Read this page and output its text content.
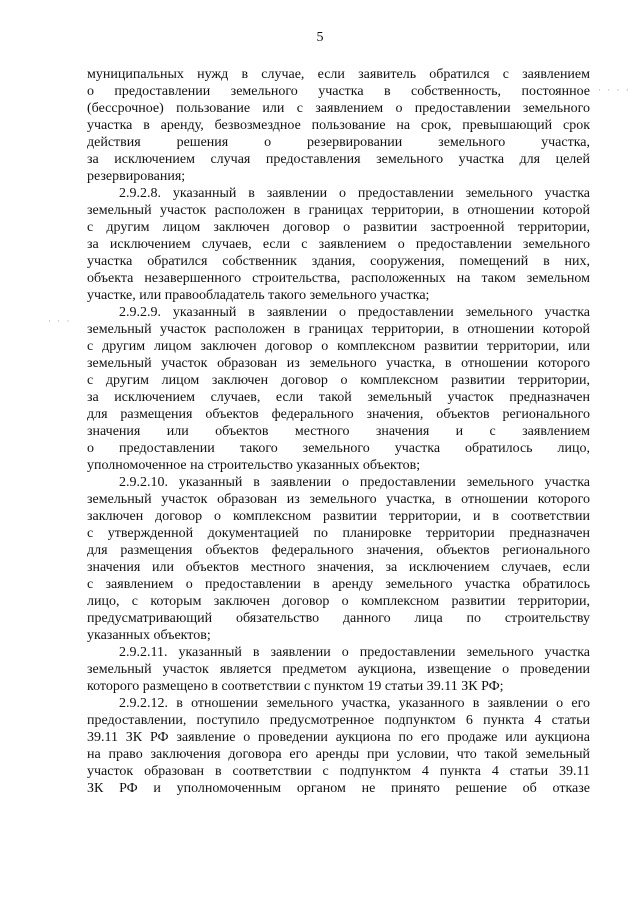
5
· · · ·
· · ·
муниципальных нужд в случае, если заявитель обратился с заявлением
о предоставлении земельного участка в собственность, постоянное
(бессрочное) пользование или с заявлением о предоставлении земельного
участка в аренду, безвозмездное пользование на срок, превышающий срок
действия решения о резервировании земельного участка,
за исключением случая предоставления земельного участка для целей
резервирования;
2.9.2.8. указанный в заявлении о предоставлении земельного участка
земельный участок расположен в границах территории, в отношении которой
с другим лицом заключен договор о развитии застроенной территории,
за исключением случаев, если с заявлением о предоставлении земельного
участка обратился собственник здания, сооружения, помещений в них,
объекта незавершенного строительства, расположенных на таком земельном
участке, или правообладатель такого земельного участка;
2.9.2.9. указанный в заявлении о предоставлении земельного участка
земельный участок расположен в границах территории, в отношении которой
с другим лицом заключен договор о комплексном развитии территории, или
земельный участок образован из земельного участка, в отношении которого
с другим лицом заключен договор о комплексном развитии территории,
за исключением случаев, если такой земельный участок предназначен
для размещения объектов федерального значения, объектов регионального
значения или объектов местного значения и с заявлением
о предоставлении такого земельного участка обратилось лицо,
уполномоченное на строительство указанных объектов;
2.9.2.10. указанный в заявлении о предоставлении земельного участка
земельный участок образован из земельного участка, в отношении которого
заключен договор о комплексном развитии территории, и в соответствии
с утвержденной документацией по планировке территории предназначен
для размещения объектов федерального значения, объектов регионального
значения или объектов местного значения, за исключением случаев, если
с заявлением о предоставлении в аренду земельного участка обратилось
лицо, с которым заключен договор о комплексном развитии территории,
предусматривающий обязательство данного лица по строительству
указанных объектов;
2.9.2.11. указанный в заявлении о предоставлении земельного участка
земельный участок является предметом аукциона, извещение о проведении
которого размещено в соответствии с пунктом 19 статьи 39.11 ЗК РФ;
2.9.2.12. в отношении земельного участка, указанного в заявлении о его
предоставлении, поступило предусмотренное подпунктом 6 пункта 4 статьи
39.11 ЗК РФ заявление о проведении аукциона по его продаже или аукциона
на право заключения договора его аренды при условии, что такой земельный
участок образован в соответствии с подпунктом 4 пункта 4 статьи 39.11
ЗК РФ и уполномоченным органом не принято решение об отказе
